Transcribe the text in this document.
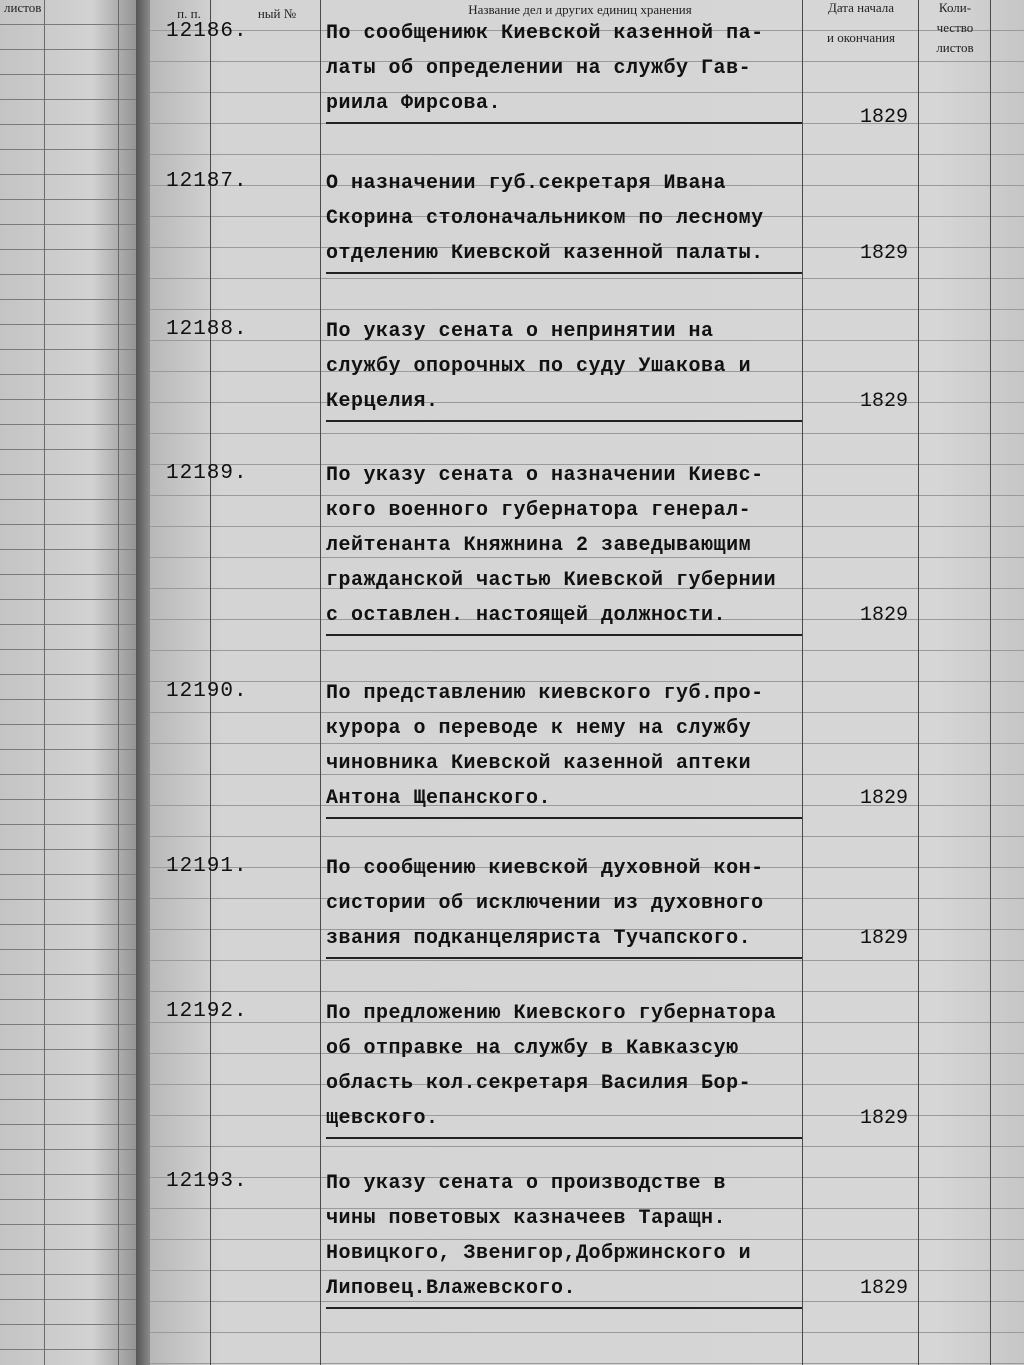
листов	п. п.	ный №	Название дел и других единиц хранения	Дата начала
и окончания
Коли-
чество
листов
12186.	По сообщениюк Киевской казенной па-
латы об определении на службу Гав-
риила Фирсова.
1829
12187.	О назначении губ.секретаря Ивана
Скорина столоначальником по лесному
отделению Киевской казенной палаты.	1829
12188.	По указу сената о непринятии на
службу опорочных по суду Ушакова и
Керцелия.	1829
12189.	По указу сената о назначении Киевс-
кого военного губернатора генерал-
лейтенанта Княжнина 2 заведывающим
гражданской частью Киевской губернии
с оставлен. настоящей должности.	1829
12190.	По представлению киевского губ.про-
курора о переводе к нему на службу
чиновника Киевской казенной аптеки
Антона Щепанского.	1829
12191.	По сообщению киевской духовной кон-
систории об исключении из духовного
звания подканцеляриста Тучапского.	1829
12192.	По предложению Киевского губернатора
об отправке на службу в Кавказсую
область кол.секретаря Василия Бор-
щевского.	1829
12193.	По указу сената о производстве в
чины поветовых казначеев Таращн.
Новицкого, Звенигор,Добржинского и
Липовец.Влажевского.	1829
